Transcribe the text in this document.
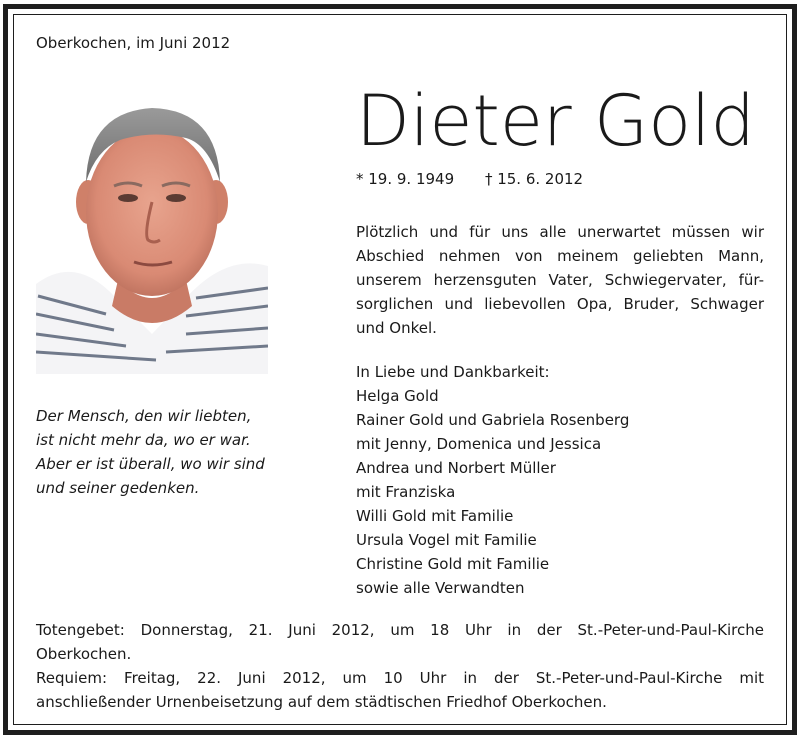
Oberkochen, im Juni 2012
Der Mensch, den wir liebten,
ist nicht mehr da, wo er war.
Aber er ist überall, wo wir sind
und seiner gedenken.
Dieter Gold
* 19. 9. 1949 † 15. 6. 2012
Plötzlich und für uns alle unerwartet müssen wir
Abschied nehmen von meinem geliebten Mann,
unserem herzensguten Vater, Schwiegervater, für-
sorglichen und liebevollen Opa, Bruder, Schwager
und Onkel.
In Liebe und Dankbarkeit:
Helga Gold
Rainer Gold und Gabriela Rosenberg
mit Jenny, Domenica und Jessica
Andrea und Norbert Müller
mit Franziska
Willi Gold mit Familie
Ursula Vogel mit Familie
Christine Gold mit Familie
sowie alle Verwandten
Totengebet: Donnerstag, 21. Juni 2012, um 18 Uhr in der St.-Peter-und-Paul-Kirche
Oberkochen.
Requiem: Freitag, 22. Juni 2012, um 10 Uhr in der St.-Peter-und-Paul-Kirche mit
anschließender Urnenbeisetzung auf dem städtischen Friedhof Oberkochen.
